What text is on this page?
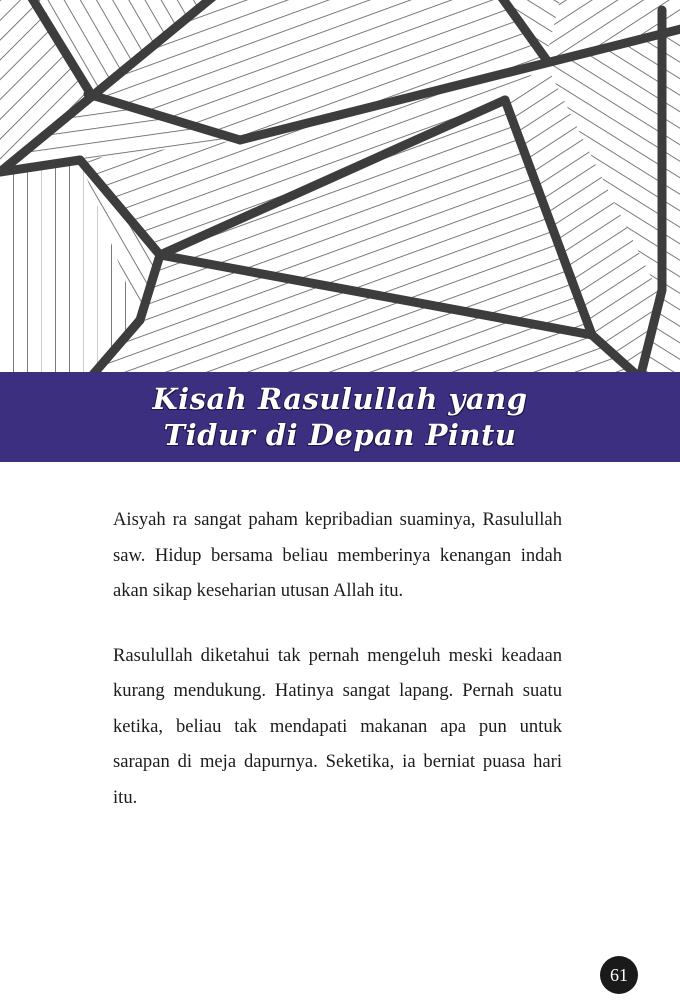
Kisah Rasulullah yang
Tidur di Depan Pintu

Aisyah ra sangat paham kepribadian suaminya, Rasulullah saw. Hidup bersama beliau memberinya kenangan indah akan sikap keseharian utusan Allah itu.

Rasulullah diketahui tak pernah mengeluh meski keadaan kurang mendukung. Hatinya sangat lapang. Pernah suatu ketika, beliau tak mendapati makanan apa pun untuk sarapan di meja dapurnya. Seketika, ia berniat puasa hari itu.

61
